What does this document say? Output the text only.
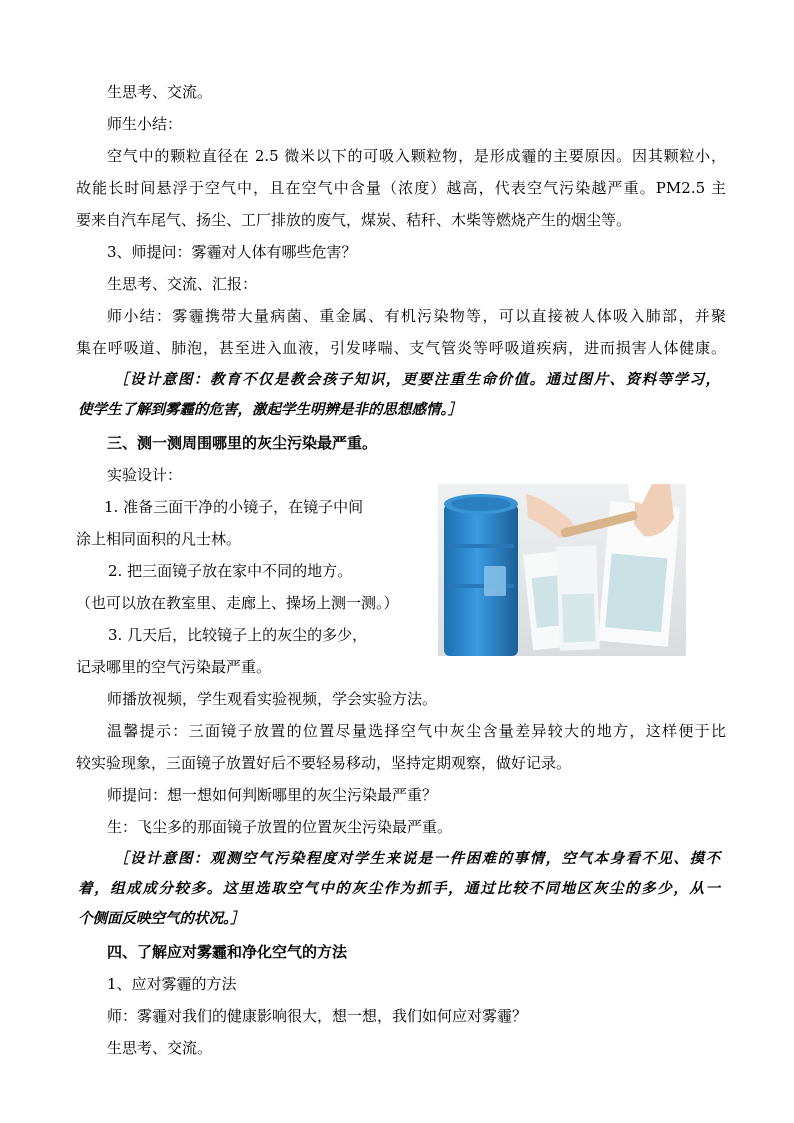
生思考、交流。
师生小结：
空气中的颗粒直径在 2.5 微米以下的可吸入颗粒物，是形成霾的主要原因。因其颗粒小，
故能长时间悬浮于空气中，且在空气中含量（浓度）越高，代表空气污染越严重。PM2.5 主
要来自汽车尾气、扬尘、工厂排放的废气，煤炭、秸秆、木柴等燃烧产生的烟尘等。
3、师提问：雾霾对人体有哪些危害？
生思考、交流、汇报：
师小结：雾霾携带大量病菌、重金属、有机污染物等，可以直接被人体吸入肺部，并聚
集在呼吸道、肺泡，甚至进入血液，引发哮喘、支气管炎等呼吸道疾病，进而损害人体健康。
［设计意图：教育不仅是教会孩子知识，更要注重生命价值。通过图片、资料等学习，
使学生了解到雾霾的危害，激起学生明辨是非的思想感情。］
三、测一测周围哪里的灰尘污染最严重。
实验设计：
1. 准备三面干净的小镜子，在镜子中间
涂上相同面积的凡士林。
2. 把三面镜子放在家中不同的地方。
（也可以放在教室里、走廊上、操场上测一测。）
3. 几天后，比较镜子上的灰尘的多少，
记录哪里的空气污染最严重。
师播放视频，学生观看实验视频，学会实验方法。
温馨提示：三面镜子放置的位置尽量选择空气中灰尘含量差异较大的地方，这样便于比
较实验现象，三面镜子放置好后不要轻易移动，坚持定期观察，做好记录。
师提问：想一想如何判断哪里的灰尘污染最严重？
生：飞尘多的那面镜子放置的位置灰尘污染最严重。
［设计意图：观测空气污染程度对学生来说是一件困难的事情，空气本身看不见、摸不
着，组成成分较多。这里选取空气中的灰尘作为抓手，通过比较不同地区灰尘的多少，从一
个侧面反映空气的状况。］
四、了解应对雾霾和净化空气的方法
1、应对雾霾的方法
师：雾霾对我们的健康影响很大，想一想，我们如何应对雾霾？
生思考、交流。
